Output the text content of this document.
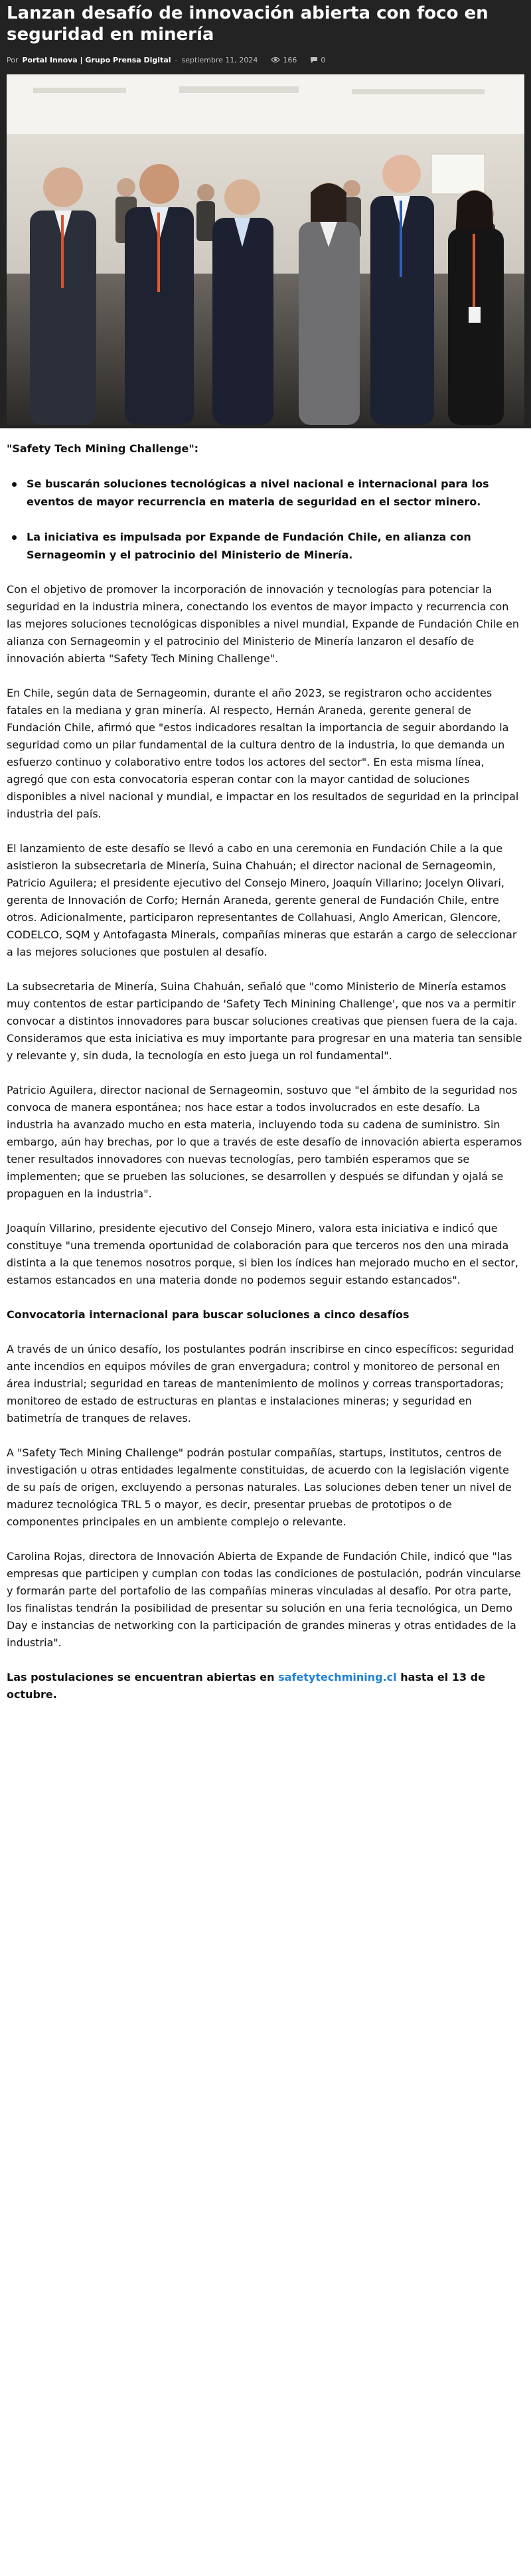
Lanzan desafío de innovación abierta con foco en seguridad en minería
Por Portal Innova | Grupo Prensa Digital - septiembre 11, 2024	166	0

"Safety Tech Mining Challenge":

Se buscarán soluciones tecnológicas a nivel nacional e internacional para los eventos de mayor recurrencia en materia de seguridad en el sector minero.
La iniciativa es impulsada por Expande de Fundación Chile, en alianza con Sernageomin y el patrocinio del Ministerio de Minería.

Con el objetivo de promover la incorporación de innovación y tecnologías para potenciar la seguridad en la industria minera, conectando los eventos de mayor impacto y recurrencia con las mejores soluciones tecnológicas disponibles a nivel mundial, Expande de Fundación Chile en alianza con Sernageomin y el patrocinio del Ministerio de Minería lanzaron el desafío de innovación abierta "Safety Tech Mining Challenge".

En Chile, según data de Sernageomin, durante el año 2023, se registraron ocho accidentes fatales en la mediana y gran minería. Al respecto, Hernán Araneda, gerente general de Fundación Chile, afirmó que "estos indicadores resaltan la importancia de seguir abordando la seguridad como un pilar fundamental de la cultura dentro de la industria, lo que demanda un esfuerzo continuo y colaborativo entre todos los actores del sector". En esta misma línea, agregó que con esta convocatoria esperan contar con la mayor cantidad de soluciones disponibles a nivel nacional y mundial, e impactar en los resultados de seguridad en la principal industria del país.

El lanzamiento de este desafío se llevó a cabo en una ceremonia en Fundación Chile a la que asistieron la subsecretaria de Minería, Suina Chahuán; el director nacional de Sernageomin, Patricio Aguilera; el presidente ejecutivo del Consejo Minero, Joaquín Villarino; Jocelyn Olivari, gerenta de Innovación de Corfo; Hernán Araneda, gerente general de Fundación Chile, entre otros. Adicionalmente, participaron representantes de Collahuasi, Anglo American, Glencore, CODELCO, SQM y Antofagasta Minerals, compañías mineras que estarán a cargo de seleccionar a las mejores soluciones que postulen al desafío.

La subsecretaria de Minería, Suina Chahuán, señaló que "como Ministerio de Minería estamos muy contentos de estar participando de 'Safety Tech Minining Challenge', que nos va a permitir convocar a distintos innovadores para buscar soluciones creativas que piensen fuera de la caja. Consideramos que esta iniciativa es muy importante para progresar en una materia tan sensible y relevante y, sin duda, la tecnología en esto juega un rol fundamental".

Patricio Aguilera, director nacional de Sernageomin, sostuvo que "el ámbito de la seguridad nos convoca de manera espontánea; nos hace estar a todos involucrados en este desafío. La industria ha avanzado mucho en esta materia, incluyendo toda su cadena de suministro. Sin embargo, aún hay brechas, por lo que a través de este desafío de innovación abierta esperamos tener resultados innovadores con nuevas tecnologías, pero también esperamos que se implementen; que se prueben las soluciones, se desarrollen y después se difundan y ojalá se propaguen en la industria".

Joaquín Villarino, presidente ejecutivo del Consejo Minero, valora esta iniciativa e indicó que constituye "una tremenda oportunidad de colaboración para que terceros nos den una mirada distinta a la que tenemos nosotros porque, si bien los índices han mejorado mucho en el sector, estamos estancados en una materia donde no podemos seguir estando estancados".

Convocatoria internacional para buscar soluciones a cinco desafíos

A través de un único desafío, los postulantes podrán inscribirse en cinco específicos: seguridad ante incendios en equipos móviles de gran envergadura; control y monitoreo de personal en área industrial; seguridad en tareas de mantenimiento de molinos y correas transportadoras; monitoreo de estado de estructuras en plantas e instalaciones mineras; y seguridad en batimetría de tranques de relaves.

A "Safety Tech Mining Challenge" podrán postular compañías, startups, institutos, centros de investigación u otras entidades legalmente constituidas, de acuerdo con la legislación vigente de su país de origen, excluyendo a personas naturales. Las soluciones deben tener un nivel de madurez tecnológica TRL 5 o mayor, es decir, presentar pruebas de prototipos o de componentes principales en un ambiente complejo o relevante.

Carolina Rojas, directora de Innovación Abierta de Expande de Fundación Chile, indicó que "las empresas que participen y cumplan con todas las condiciones de postulación, podrán vincularse y formarán parte del portafolio de las compañías mineras vinculadas al desafío. Por otra parte, los finalistas tendrán la posibilidad de presentar su solución en una feria tecnológica, un Demo Day e instancias de networking con la participación de grandes mineras y otras entidades de la industria".

Las postulaciones se encuentran abiertas en safetytechmining.cl hasta el 13 de octubre.
